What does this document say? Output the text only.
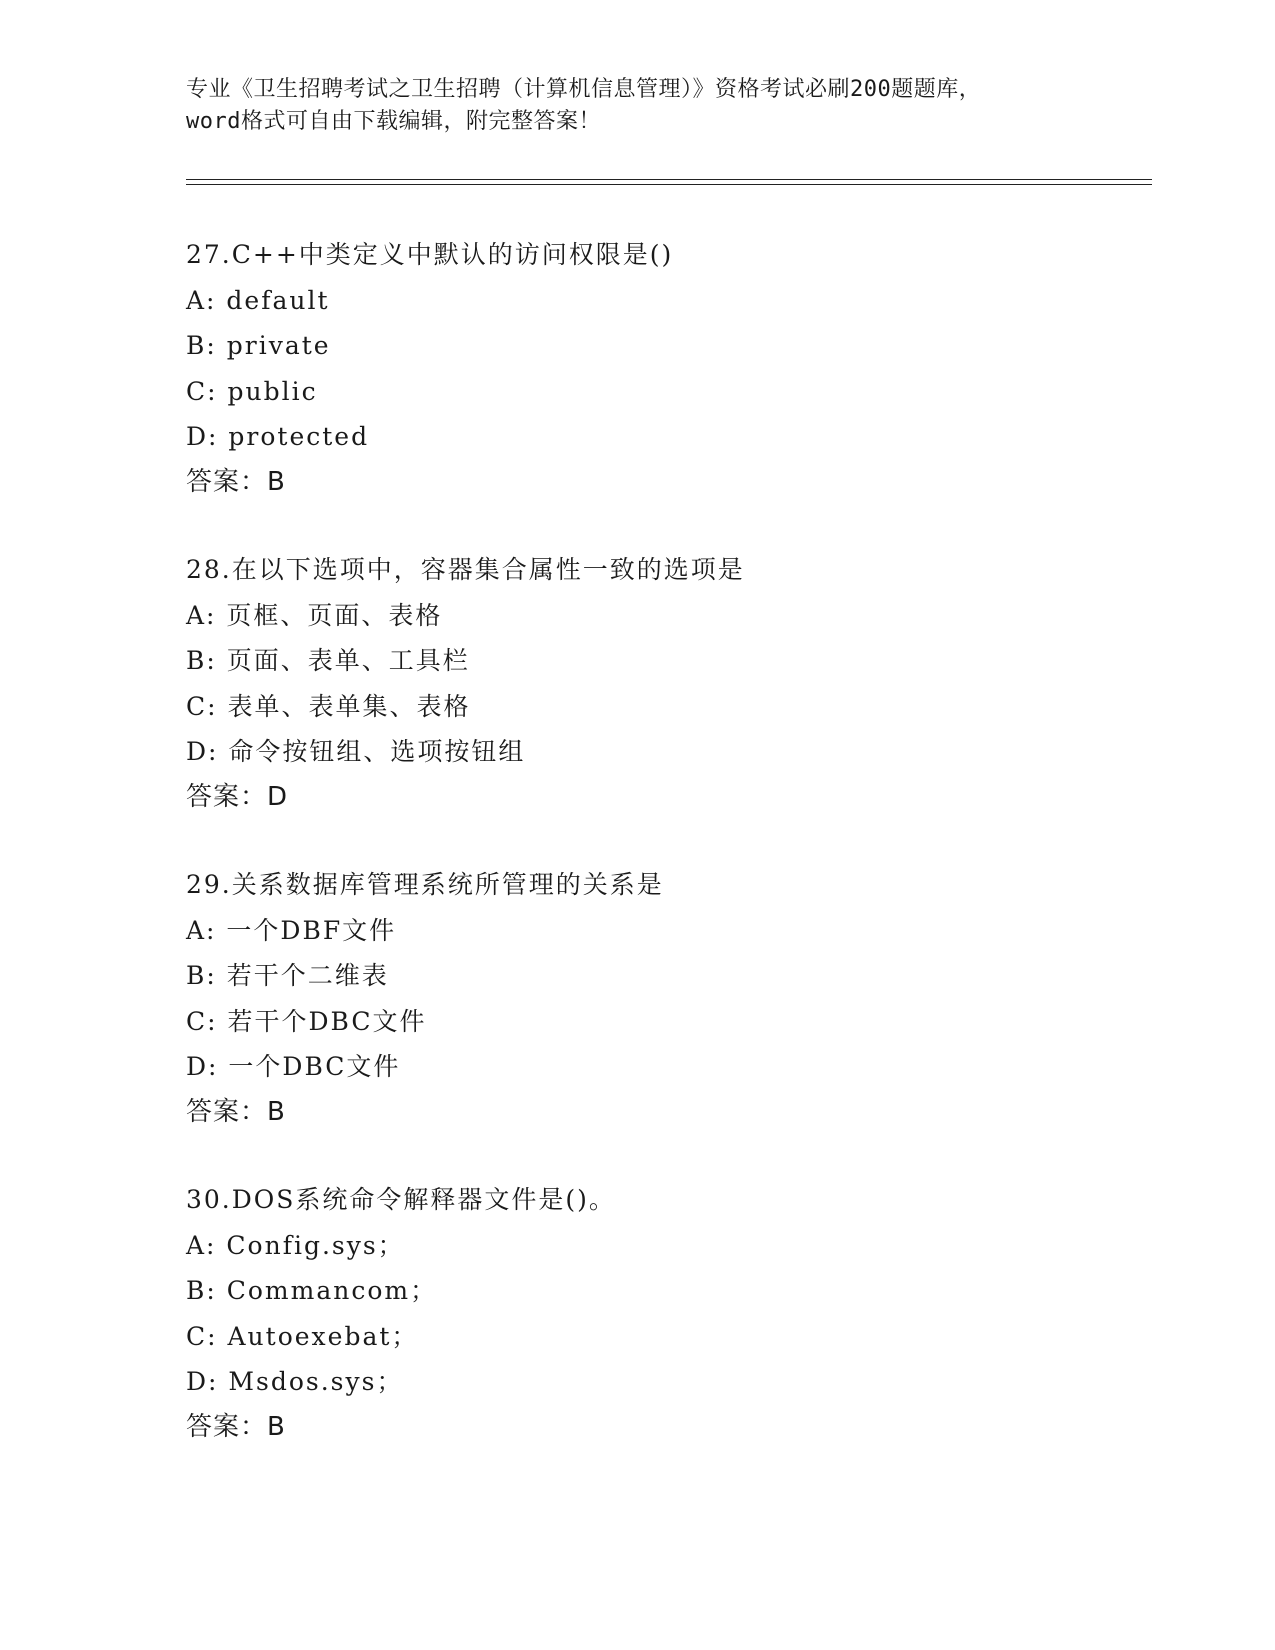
专业《卫生招聘考试之卫生招聘（计算机信息管理）》资格考试必刷200题题库，
word格式可自由下载编辑，附完整答案！
27.C++中类定义中默认的访问权限是()
A: default
B: private
C: public
D: protected
答案：B
28.在以下选项中，容器集合属性一致的选项是
A: 页框、页面、表格
B: 页面、表单、工具栏
C: 表单、表单集、表格
D: 命令按钮组、选项按钮组
答案：D
29.关系数据库管理系统所管理的关系是
A: 一个DBF文件
B: 若干个二维表
C: 若干个DBC文件
D: 一个DBC文件
答案：B
30.DOS系统命令解释器文件是()。
A: Config.sys；
B: Commancom；
C: Autoexebat；
D: Msdos.sys；
答案：B
